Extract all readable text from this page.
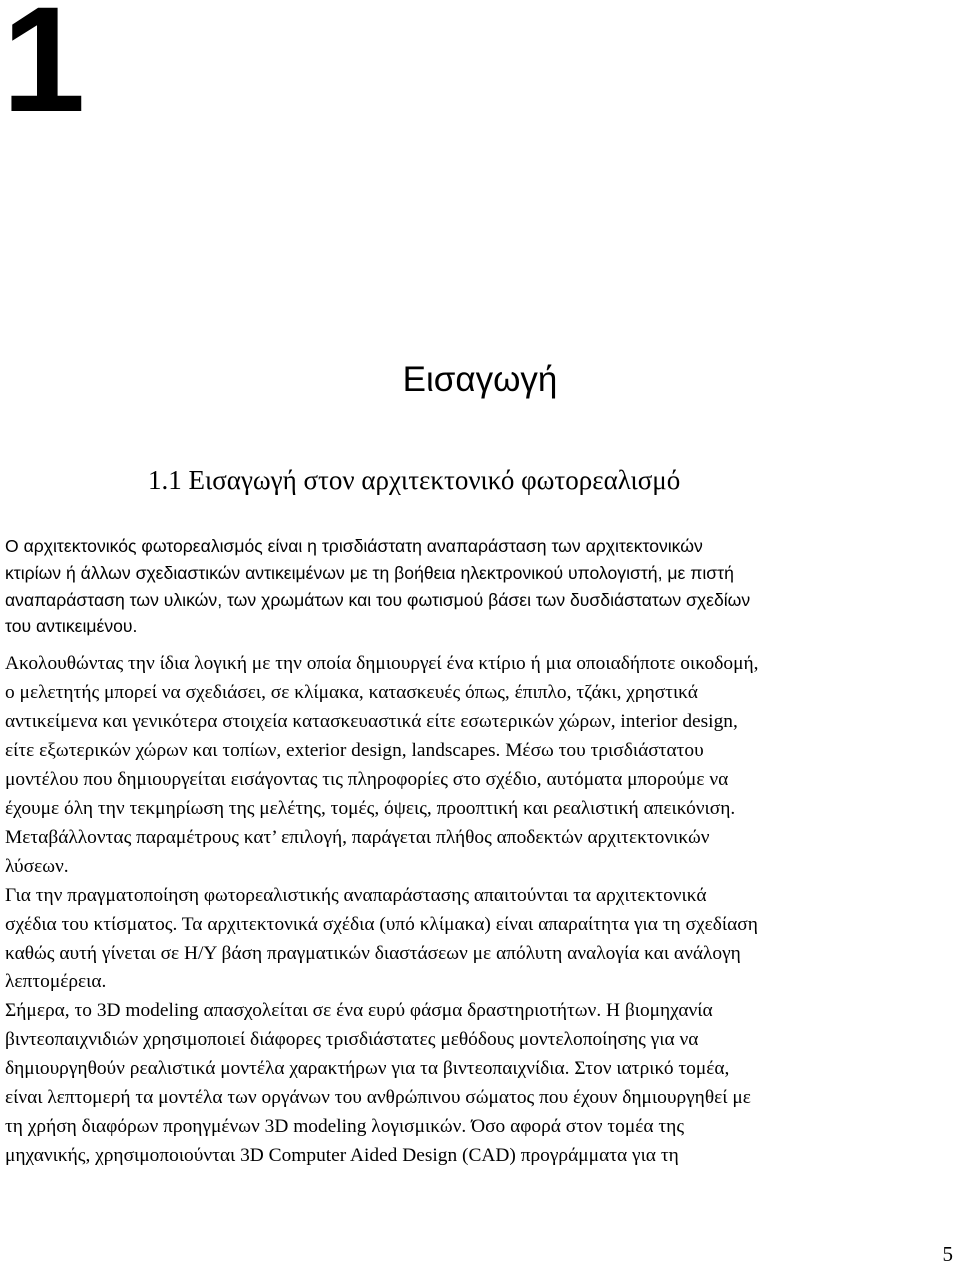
1
Εισαγωγή
1.1 Εισαγωγή στον αρχιτεκτονικό φωτορεαλισμό
Ο αρχιτεκτονικός φωτορεαλισμός είναι η τρισδιάστατη αναπαράσταση των αρχιτεκτονικών
κτιρίων ή άλλων σχεδιαστικών αντικειμένων με τη βοήθεια ηλεκτρονικού υπολογιστή, με πιστή
αναπαράσταση των υλικών, των χρωμάτων και του φωτισμού βάσει των δυσδιάστατων σχεδίων
του αντικειμένου.
Ακολουθώντας την ίδια λογική με την οποία δημιουργεί ένα κτίριο ή μια οποιαδήποτε οικοδομή,
ο μελετητής μπορεί να σχεδιάσει, σε κλίμακα, κατασκευές όπως, έπιπλο, τζάκι, χρηστικά
αντικείμενα και γενικότερα στοιχεία κατασκευαστικά είτε εσωτερικών χώρων, interior design,
είτε εξωτερικών χώρων και τοπίων, exterior design, landscapes. Μέσω του τρισδιάστατου
μοντέλου που δημιουργείται εισάγοντας τις πληροφορίες στο σχέδιο, αυτόματα μπορούμε να
έχουμε όλη την τεκμηρίωση της μελέτης, τομές, όψεις, προοπτική και ρεαλιστική απεικόνιση.
Μεταβάλλοντας παραμέτρους κατ’ επιλογή, παράγεται πλήθος αποδεκτών αρχιτεκτονικών
λύσεων.
Για την πραγματοποίηση φωτορεαλιστικής αναπαράστασης απαιτούνται τα αρχιτεκτονικά
σχέδια του κτίσματος. Τα αρχιτεκτονικά σχέδια (υπό κλίμακα) είναι απαραίτητα για τη σχεδίαση
καθώς αυτή γίνεται σε Η/Υ βάση πραγματικών διαστάσεων με απόλυτη αναλογία και ανάλογη
λεπτομέρεια.
Σήμερα, το 3D modeling απασχολείται σε ένα ευρύ φάσμα δραστηριοτήτων. Η βιομηχανία
βιντεοπαιχνιδιών χρησιμοποιεί διάφορες τρισδιάστατες μεθόδους μοντελοποίησης για να
δημιουργηθούν ρεαλιστικά μοντέλα χαρακτήρων για τα βιντεοπαιχνίδια. Στον ιατρικό τομέα,
είναι λεπτομερή τα μοντέλα των οργάνων του ανθρώπινου σώματος που έχουν δημιουργηθεί με
τη χρήση διαφόρων προηγμένων 3D modeling λογισμικών. Όσο αφορά στον τομέα της
μηχανικής, χρησιμοποιούνται 3D Computer Aided Design (CAD) προγράμματα για τη
5
